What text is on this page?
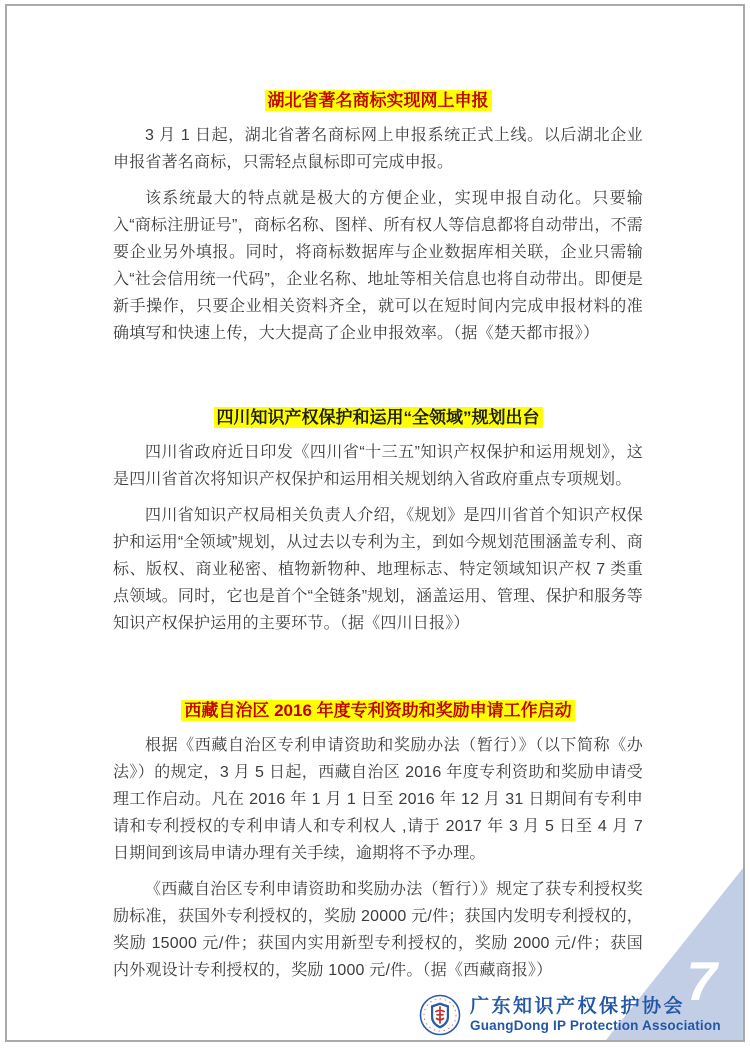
湖北省著名商标实现网上申报

3 月 1 日起，湖北省著名商标网上申报系统正式上线。以后湖北企业申报省著名商标，只需轻点鼠标即可完成申报。

该系统最大的特点就是极大的方便企业，实现申报自动化。只要输入“商标注册证号”，商标名称、图样、所有权人等信息都将自动带出，不需要企业另外填报。同时，将商标数据库与企业数据库相关联，企业只需输入“社会信用统一代码”，企业名称、地址等相关信息也将自动带出。即便是新手操作，只要企业相关资料齐全，就可以在短时间内完成申报材料的准确填写和快速上传，大大提高了企业申报效率。（据《楚天都市报》）

四川知识产权保护和运用“全领域”规划出台

四川省政府近日印发《四川省“十三五”知识产权保护和运用规划》，这是四川省首次将知识产权保护和运用相关规划纳入省政府重点专项规划。

四川省知识产权局相关负责人介绍，《规划》是四川省首个知识产权保护和运用“全领域”规划，从过去以专利为主，到如今规划范围涵盖专利、商标、版权、商业秘密、植物新物种、地理标志、特定领域知识产权 7 类重点领域。同时，它也是首个“全链条”规划，涵盖运用、管理、保护和服务等知识产权保护运用的主要环节。（据《四川日报》）

西藏自治区 2016 年度专利资助和奖励申请工作启动

根据《西藏自治区专利申请资助和奖励办法（暂行）》（以下简称《办法》）的规定，3 月 5 日起，西藏自治区 2016 年度专利资助和奖励申请受理工作启动。凡在 2016 年 1 月 1 日至 2016 年 12 月 31 日期间有专利申请和专利授权的专利申请人和专利权人 ,请于 2017 年 3 月 5 日至 4 月 7 日期间到该局申请办理有关手续，逾期将不予办理。

《西藏自治区专利申请资助和奖励办法（暂行）》规定了获专利授权奖励标准，获国外专利授权的，奖励 20000 元/件；获国内发明专利授权的，奖励 15000 元/件；获国内实用新型专利授权的，奖励 2000 元/件；获国内外观设计专利授权的，奖励 1000 元/件。（据《西藏商报》）	7
广东知识产权保护协会
GuangDong IP Protection Association
